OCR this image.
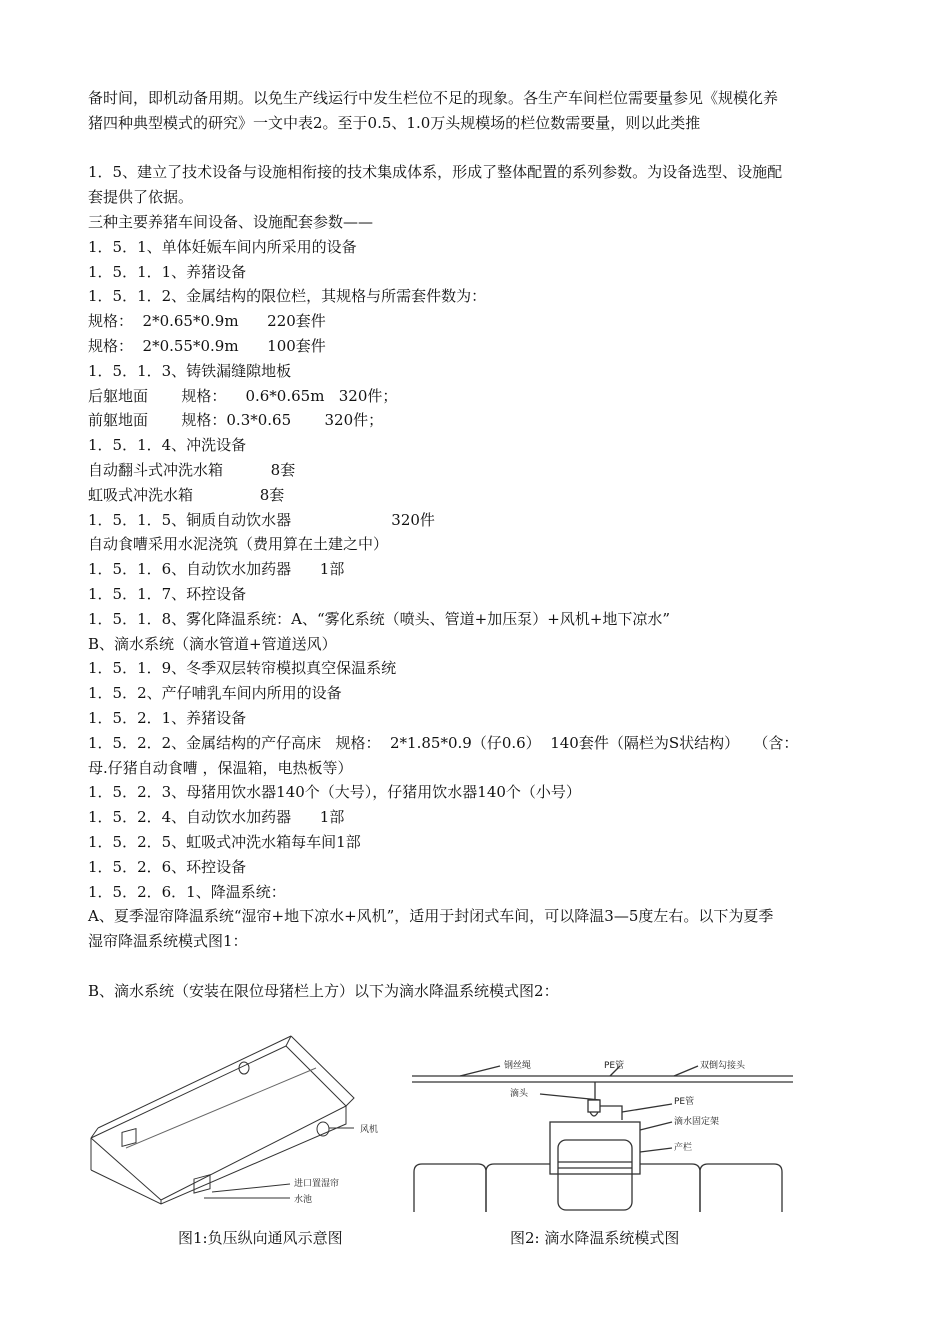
备时间，即机动备用期。以免生产线运行中发生栏位不足的现象。各生产车间栏位需要量参见《规模化养
猪四种典型模式的研究》一文中表2。至于0.5、1.0万头规模场的栏位数需要量，则以此类推
1．5、建立了技术设备与设施相衔接的技术集成体系，形成了整体配置的系列参数。为设备选型、设施配
套提供了依据。
三种主要养猪车间设备、设施配套参数——
1．5．1、单体妊娠车间内所采用的设备
1．5．1．1、养猪设备
1．5．1．2、金属结构的限位栏，其规格与所需套件数为：
规格：  2*0.65*0.9m      220套件
规格：  2*0.55*0.9m      100套件
1．5．1．3、铸铁漏缝隙地板
后躯地面       规格：    0.6*0.65m   320件；
前躯地面       规格：0.3*0.65       320件；
1．5．1．4、冲洗设备
自动翻斗式冲洗水箱          8套
虹吸式冲洗水箱              8套
1．5．1．5、铜质自动饮水器                     320件
自动食嘈采用水泥浇筑（费用算在土建之中）
1．5．1．6、自动饮水加药器      1部
1．5．1．7、环控设备
1．5．1．8、雾化降温系统：A、“雾化系统（喷头、管道+加压泵）+风机+地下凉水”
B、滴水系统（滴水管道+管道送风）
1．5．1．9、冬季双层转帘模拟真空保温系统
1．5．2、产仔哺乳车间内所用的设备
1．5．2．1、养猪设备
1．5．2．2、金属结构的产仔高床   规格：  2*1.85*0.9（仔0.6）  140套件（隔栏为S状结构）   （含：
母.仔猪自动食嘈 ，保温箱，电热板等）
1．5．2．3、母猪用饮水器140个（大号），仔猪用饮水器140个（小号）
1．5．2．4、自动饮水加药器      1部
1．5．2．5、虹吸式冲洗水箱每车间1部
1．5．2．6、环控设备
1．5．2．6．1、降温系统：
A、夏季湿帘降温系统“湿帘+地下凉水+风机”，适用于封闭式车间，可以降温3—5度左右。以下为夏季
湿帘降温系统模式图1：
B、滴水系统（安装在限位母猪栏上方）以下为滴水降温系统模式图2：
风机
进口置湿帘
水池
图1:负压纵向通风示意图
钢丝绳	PE管	双倒勾接头
滴头
PE管
滴水固定架
产栏
图2: 滴水降温系统模式图
